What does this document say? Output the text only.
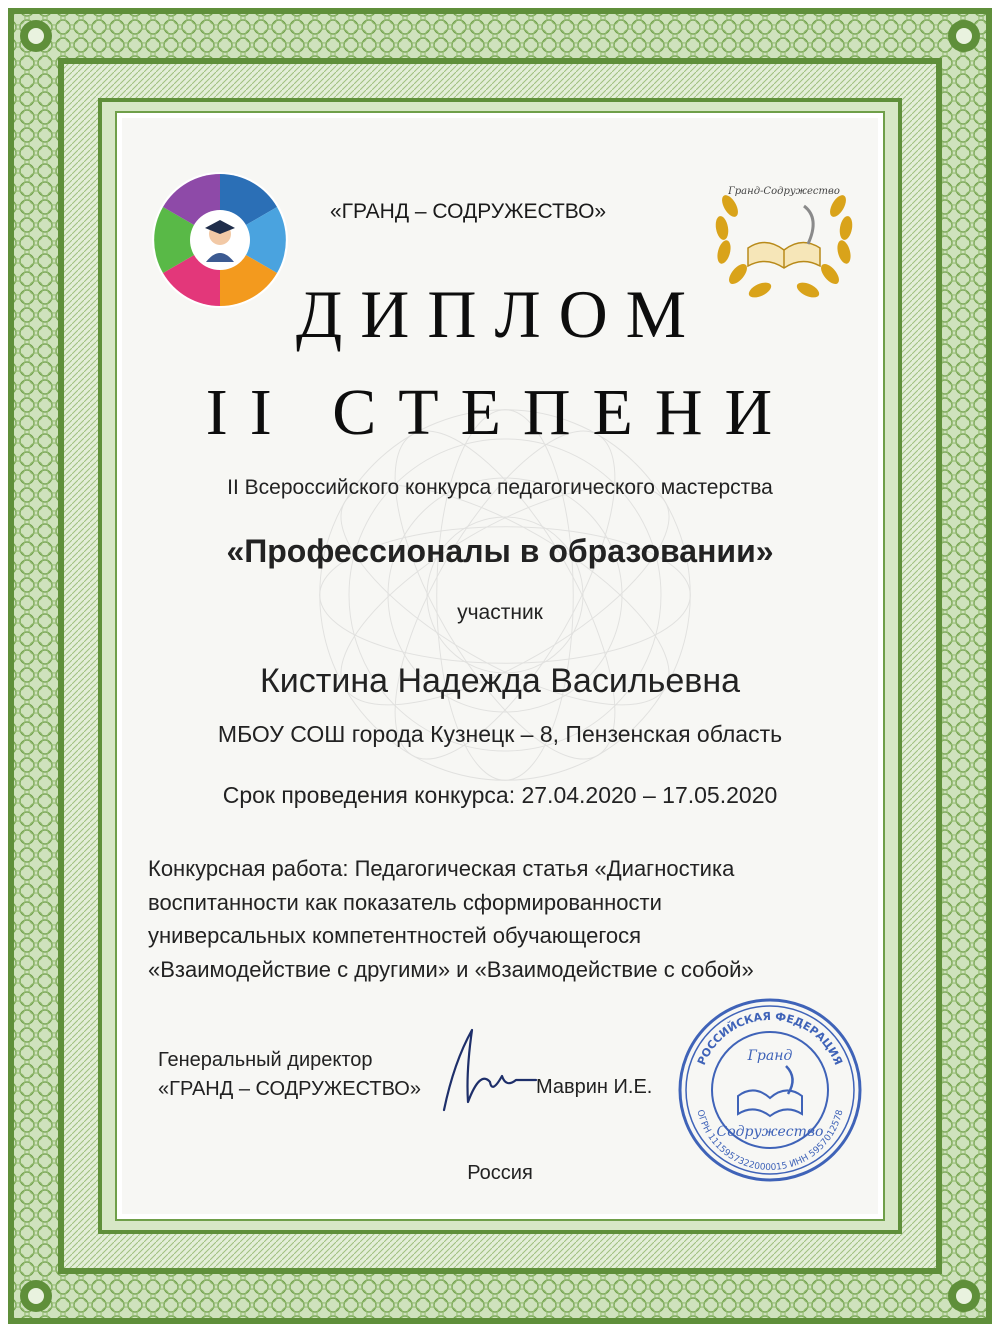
Гранд-Содружество
«ГРАНД – СОДРУЖЕСТВО»
ДИПЛОМ
II СТЕПЕНИ
II Всероссийского конкурса педагогического мастерства
«Профессионалы в образовании»
участник
Кистина Надежда Васильевна
МБОУ СОШ города Кузнецк – 8, Пензенская область
Срок проведения конкурса: 27.04.2020 – 17.05.2020
Конкурсная работа: Педагогическая статья «Диагностика
воспитанности как показатель сформированности
универсальных компетентностей обучающегося
«Взаимодействие с другими» и «Взаимодействие с собой»
Генеральный директор
«ГРАНД – СОДРУЖЕСТВО»	Маврин И.Е.
Россия
РОССИЙСКАЯ ФЕДЕРАЦИЯ
ОГРН 1115957322000015 ИНН 5957012578
Гранд
Содружество
